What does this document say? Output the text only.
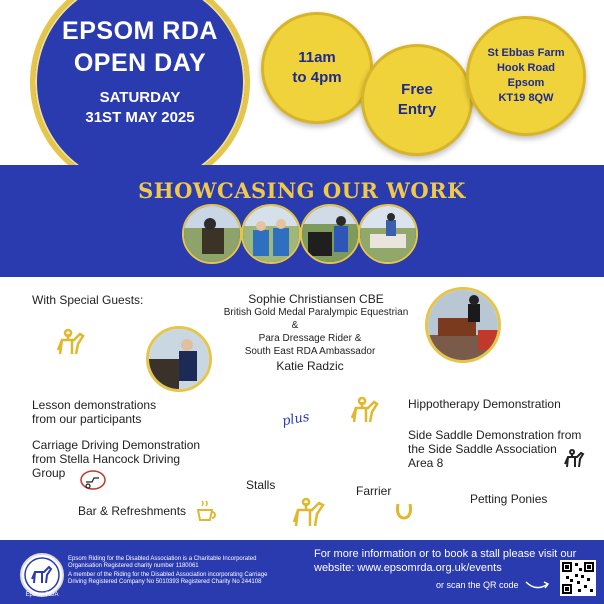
EPSOM RDA
OPEN DAY
SATURDAY
31ST MAY 2025
11am
to 4pm
Free
Entry
St Ebbas Farm
Hook Road
Epsom
KT19 8QW
SHOWCASING OUR WORK
With Special Guests:	Sophie Christiansen CBE
British Gold Medal Paralympic Equestrian
&
Para Dressage Rider &
South East RDA Ambassador
Katie Radzic
Lesson demonstrations
from our participants
Carriage Driving Demonstration
from Stella Hancock Driving
Group
plus
Hippotherapy Demonstration
Side Saddle Demonstration from
the Side Saddle Association
Area 8
Stalls	Farrier
Petting Ponies
Bar & Refreshments
Epsom RDA
Epsom Riding for the Disabled Association is a Charitable Incorporated
Organisation Registered charity number 1180061
A member of the Riding for the Disabled Association incorporating Carriage
Driving Registered Company No 5010393 Registered Charity No 244108
For more information or to book a stall please visit our
website: www.epsomrda.org.uk/events
or scan the QR code
